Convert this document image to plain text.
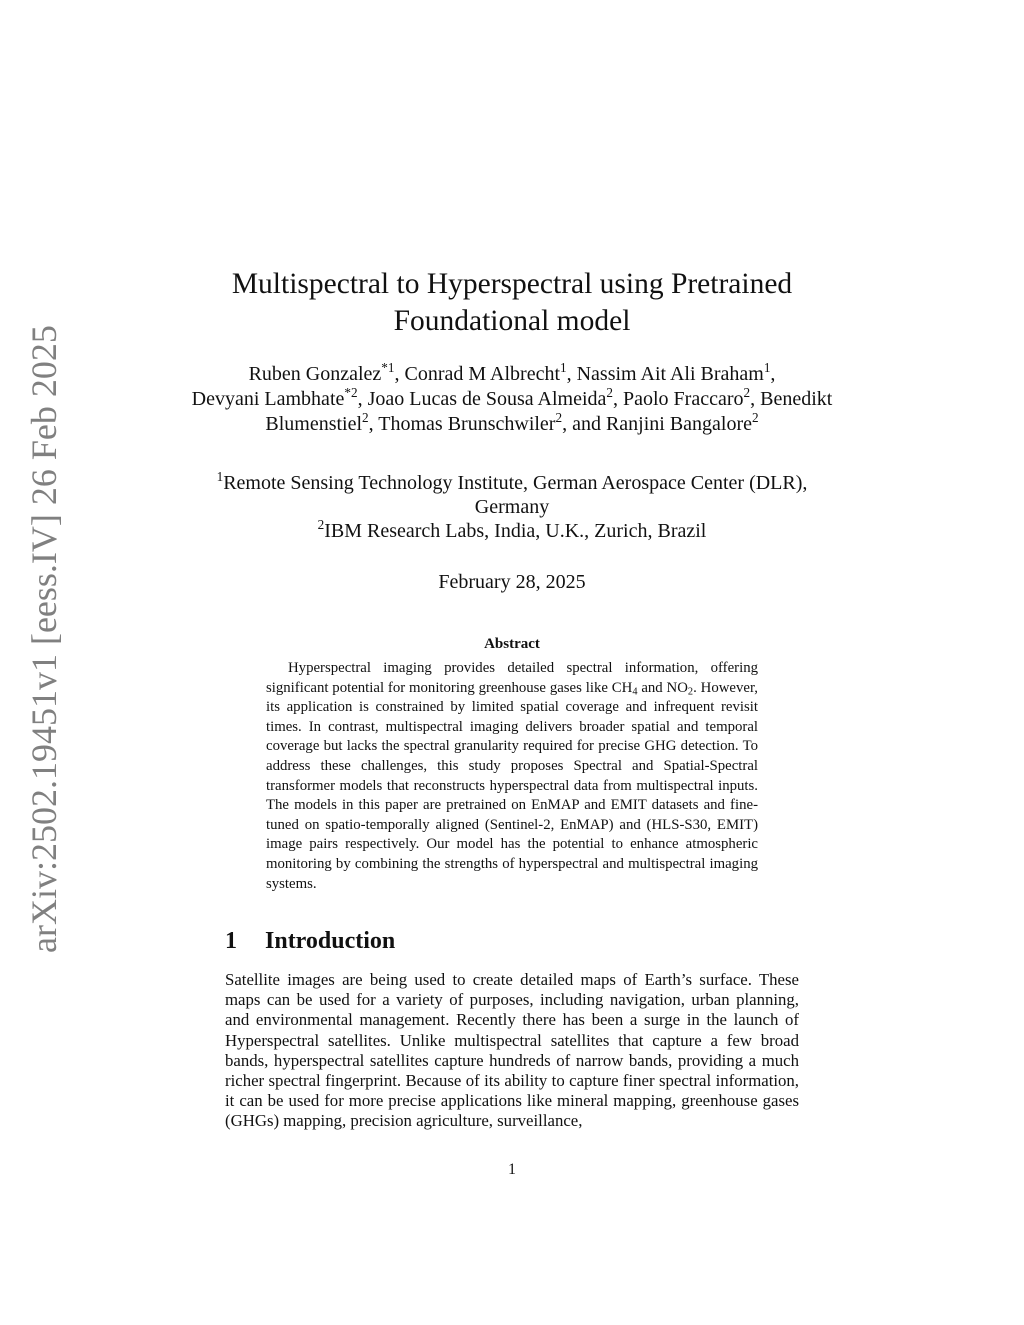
arXiv:2502.19451v1 [eess.IV] 26 Feb 2025
Multispectral to Hyperspectral using Pretrained
Foundational model
Ruben Gonzalez$^{*1}$, Conrad M Albrecht$^1$, Nassim Ait Ali Braham$^1$,
Devyani Lambhate$^{*2}$, Joao Lucas de Sousa Almeida$^2$, Paolo Fraccaro$^2$, Benedikt Blumenstiel$^2$, Thomas Brunschwiler$^2$, and Ranjini Bangalore$^2$
$^1$Remote Sensing Technology Institute, German Aerospace Center (DLR), Germany
$^2$IBM Research Labs, India, U.K., Zurich, Brazil
February 28, 2025
Abstract
Hyperspectral imaging provides detailed spectral information, offering significant potential for monitoring greenhouse gases like $CH_4$ and $NO_2$. However, its application is constrained by limited spatial coverage and infrequent revisit times. In contrast, multispectral imaging delivers broader spatial and temporal coverage but lacks the spectral granularity required for precise GHG detection. To address these challenges, this study proposes Spectral and Spatial-Spectral transformer models that reconstructs hyperspectral data from multispectral inputs. The models in this paper are pretrained on EnMAP and EMIT datasets and fine-tuned on spatio-temporally aligned (Sentinel-2, EnMAP) and (HLS-S30, EMIT) image pairs respectively. Our model has the potential to enhance atmospheric monitoring by combining the strengths of hyperspectral and multispectral imaging systems.
1 Introduction
Satellite images are being used to create detailed maps of Earth’s surface. These maps can be used for a variety of purposes, including navigation, urban planning, and environmental management. Recently there has been a surge in the launch of Hyperspectral satellites. Unlike multispectral satellites that capture a few broad bands, hyperspectral satellites capture hundreds of narrow bands, providing a much richer spectral fingerprint. Because of its ability to capture finer spectral information, it can be used for more precise applications like mineral mapping, greenhouse gases (GHGs) mapping, precision agriculture, surveillance,
1
